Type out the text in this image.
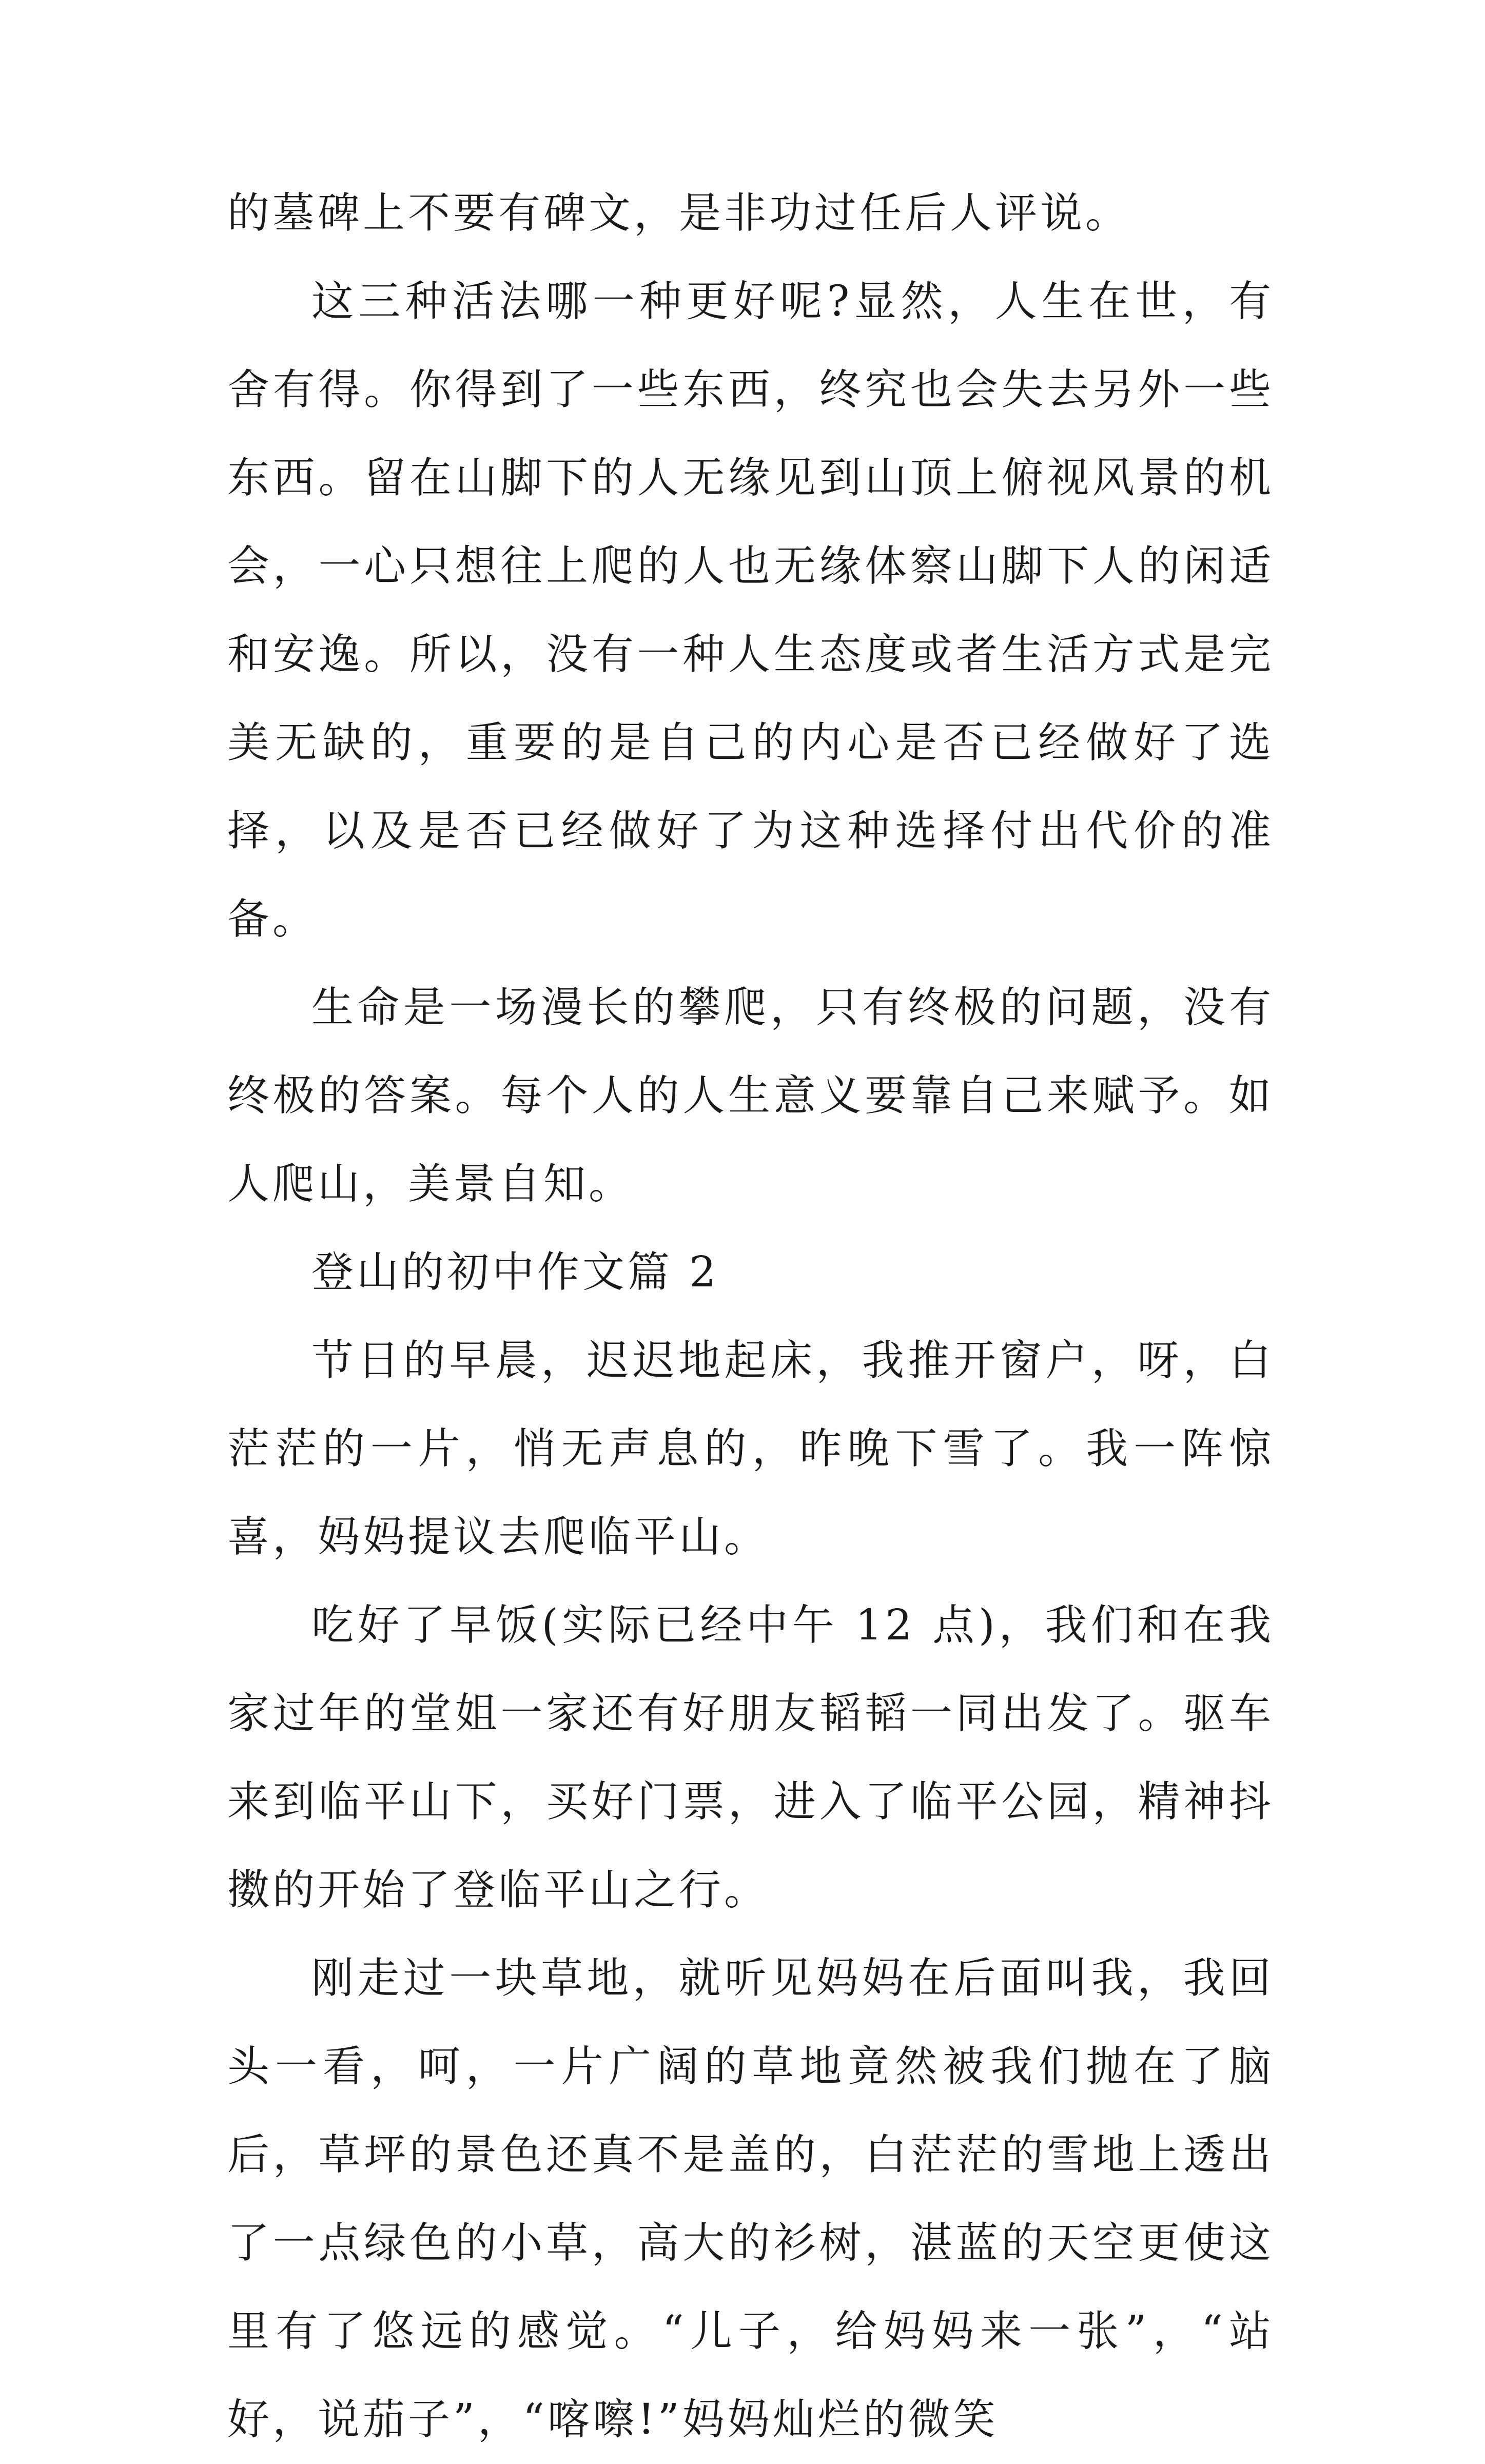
的墓碑上不要有碑文，是非功过任后人评说。

这三种活法哪一种更好呢?显然，人生在世，有舍有得。你得到了一些东西，终究也会失去另外一些东西。留在山脚下的人无缘见到山顶上俯视风景的机会，一心只想往上爬的人也无缘体察山脚下人的闲适和安逸。所以，没有一种人生态度或者生活方式是完美无缺的，重要的是自己的内心是否已经做好了选择，以及是否已经做好了为这种选择付出代价的准备。

生命是一场漫长的攀爬，只有终极的问题，没有终极的答案。每个人的人生意义要靠自己来赋予。如人爬山，美景自知。

登山的初中作文篇 2

节日的早晨，迟迟地起床，我推开窗户，呀，白茫茫的一片，悄无声息的，昨晚下雪了。我一阵惊喜，妈妈提议去爬临平山。

吃好了早饭(实际已经中午 12 点)，我们和在我家过年的堂姐一家还有好朋友韬韬一同出发了。驱车来到临平山下，买好门票，进入了临平公园，精神抖擞的开始了登临平山之行。

刚走过一块草地，就听见妈妈在后面叫我，我回头一看，呵，一片广阔的草地竟然被我们抛在了脑后，草坪的景色还真不是盖的，白茫茫的雪地上透出了一点绿色的小草，高大的衫树，湛蓝的天空更使这里有了悠远的感觉。“儿子，给妈妈来一张”，“站好，说茄子”，“喀嚓!”妈妈灿烂的微笑
